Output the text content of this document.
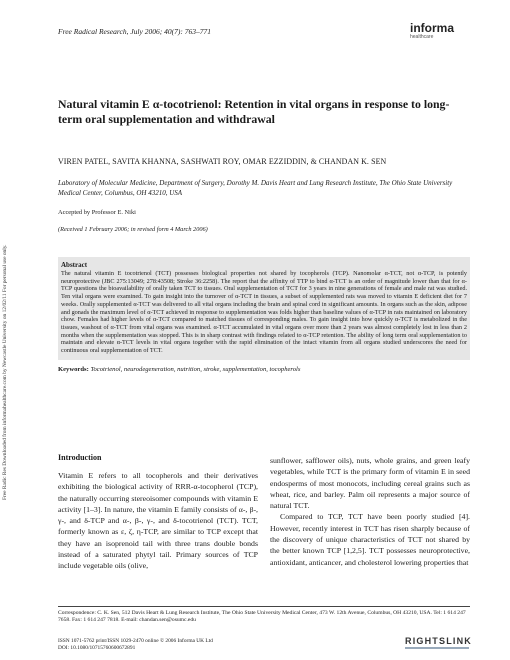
Free Radical Research, July 2006; 40(7): 763–771	informa
healthcare
Free Radic Res Downloaded from informahealthcare.com by Newcastle University on 12/02/11 For personal use only.
Natural vitamin E α-tocotrienol: Retention in vital organs in response to long-term oral supplementation and withdrawal
VIREN PATEL, SAVITA KHANNA, SASHWATI ROY, OMAR EZZIDDIN, & CHANDAN K. SEN
Laboratory of Molecular Medicine, Department of Surgery, Dorothy M. Davis Heart and Lung Research Institute, The Ohio State University Medical Center, Columbus, OH 43210, USA
Accepted by Professor E. Niki
(Received 1 February 2006; in revised form 4 March 2006)
Abstract
The natural vitamin E tocotrienol (TCT) possesses biological properties not shared by tocopherols (TCP). Nanomolar α-TCT, not α-TCP, is potently neuroprotective (JBC 275:13049; 278:43508; Stroke 36:2258). The report that the affinity of TTP to bind α-TCT is an order of magnitude lower than that for α-TCP questions the bioavailability of orally taken TCT to tissues. Oral supplementation of TCT for 3 years in nine generations of female and male rat was studied. Ten vital organs were examined. To gain insight into the turnover of α-TCT in tissues, a subset of supplemented rats was moved to vitamin E deficient diet for 7 weeks. Orally supplemented α-TCT was delivered to all vital organs including the brain and spinal cord in significant amounts. In organs such as the skin, adipose and gonads the maximum level of α-TCT achieved in response to supplementation was folds higher than baseline values of α-TCP in rats maintained on laboratory chow. Females had higher levels of α-TCT compared to matched tissues of corresponding males. To gain insight into how quickly α-TCT is metabolized in the tissues, washout of α-TCT from vital organs was examined. α-TCT accumulated in vital organs over more than 2 years was almost completely lost in less than 2 months when the supplementation was stopped. This is in sharp contrast with findings related to α-TCP retention. The ability of long term oral supplementation to maintain and elevate α-TCT levels in vital organs together with the rapid elimination of the intact vitamin from all organs studied underscores the need for continuous oral supplementation of TCT.
Keywords: Tocotrienol, neurodegeneration, nutrition, stroke, supplementation, tocopherols
Introduction

Vitamin E refers to all tocopherols and their derivatives exhibiting the biological activity of RRR-α-tocopherol (TCP), the naturally occurring stereoisomer compounds with vitamin E activity [1–3]. In nature, the vitamin E family consists of α-, β-, γ-, and δ-TCP and α-, β-, γ-, and δ-tocotrienol (TCT). TCT, formerly known as ε, ζ, η-TCP, are similar to TCP except that they have an isoprenoid tail with three trans double bonds instead of a saturated phytyl tail. Primary sources of TCP include vegetable oils (olive,

sunflower, safflower oils), nuts, whole grains, and green leafy vegetables, while TCT is the primary form of vitamin E in seed endosperms of most monocots, including cereal grains such as wheat, rice, and barley. Palm oil represents a major source of natural TCT.

Compared to TCP, TCT have been poorly studied [4]. However, recently interest in TCT has risen sharply because of the discovery of unique characteristics of TCT not shared by the better known TCP [1,2,5]. TCT possesses neuroprotective, antioxidant, anticancer, and cholesterol lowering properties that

Correspondence: C. K. Sen, 512 Davis Heart & Lung Research Institute, The Ohio State University Medical Center, 473 W. 12th Avenue, Columbus, OH 43210, USA. Tel: 1 614 247 7658. Fax: 1 614 247 7818. E-mail: chandan.sen@osumc.edu
ISSN 1071-5762 print/ISSN 1029-2470 online © 2006 Informa UK Ltd
DOI: 10.1080/10715760600672891
RIGHTSLINK
